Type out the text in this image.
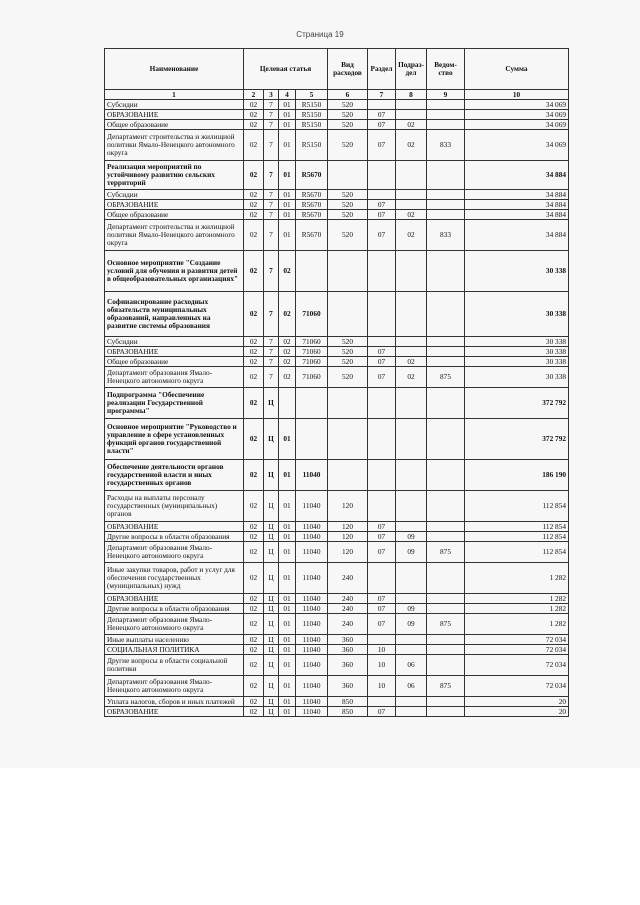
Страница 19
Наименование	Целевая статья				Вид расходов	Раздел	Подраз-дел	Ведом-ство	Сумма
1	2	3	4	5	6	7	8	9	10
Субсидии	02	7	01	R5150	520				34 069
ОБРАЗОВАНИЕ	02	7	01	R5150	520	07			34 069
Общее образование	02	7	01	R5150	520	07	02		34 069
Департамент строительства и жилищной политики Ямало-Ненецкого автономного округа	02	7	01	R5150	520	07	02	833	34 069
Реализация мероприятий по устойчивому развитию сельских территорий	02	7	01	R5670					34 884
Субсидии	02	7	01	R5670	520				34 884
ОБРАЗОВАНИЕ	02	7	01	R5670	520	07			34 884
Общее образование	02	7	01	R5670	520	07	02		34 884
Департамент строительства и жилищной политики Ямало-Ненецкого автономного округа	02	7	01	R5670	520	07	02	833	34 884
Основное мероприятие "Создание условий для обучения и развития детей в общеобразовательных организациях"	02	7	02						30 338
Софинансирование расходных обязательств муниципальных образований, направленных на развитие системы образования	02	7	02	71060					30 338
Субсидии	02	7	02	71060	520				30 338
ОБРАЗОВАНИЕ	02	7	02	71060	520	07			30 338
Общее образование	02	7	02	71060	520	07	02		30 338
Департамент образования Ямало-Ненецкого автономного округа	02	7	02	71060	520	07	02	875	30 338
Подпрограмма "Обеспечение реализации Государственной программы"	02	Ц							372 792
Основное мероприятие "Руководство и управление в сфере установленных функций органов государственной власти"	02	Ц	01						372 792
Обеспечение деятельности органов государственной власти и иных государственных органов	02	Ц	01	11040					186 190
Расходы на выплаты персоналу государственных (муниципальных) органов	02	Ц	01	11040	120				112 854
ОБРАЗОВАНИЕ	02	Ц	01	11040	120	07			112 854
Другие вопросы в области образования	02	Ц	01	11040	120	07	09		112 854
Департамент образования Ямало-Ненецкого автономного округа	02	Ц	01	11040	120	07	09	875	112 854
Иные закупки товаров, работ и услуг для обеспечения государственных (муниципальных) нужд	02	Ц	01	11040	240				1 282
ОБРАЗОВАНИЕ	02	Ц	01	11040	240	07			1 282
Другие вопросы в области образования	02	Ц	01	11040	240	07	09		1 282
Департамент образования Ямало-Ненецкого автономного округа	02	Ц	01	11040	240	07	09	875	1 282
Иные выплаты населению	02	Ц	01	11040	360				72 034
СОЦИАЛЬНАЯ ПОЛИТИКА	02	Ц	01	11040	360	10			72 034
Другие вопросы в области социальной политики	02	Ц	01	11040	360	10	06		72 034
Департамент образования Ямало-Ненецкого автономного округа	02	Ц	01	11040	360	10	06	875	72 034
Уплата налогов, сборов и иных платежей	02	Ц	01	11040	850				20
ОБРАЗОВАНИЕ	02	Ц	01	11040	850	07			20
